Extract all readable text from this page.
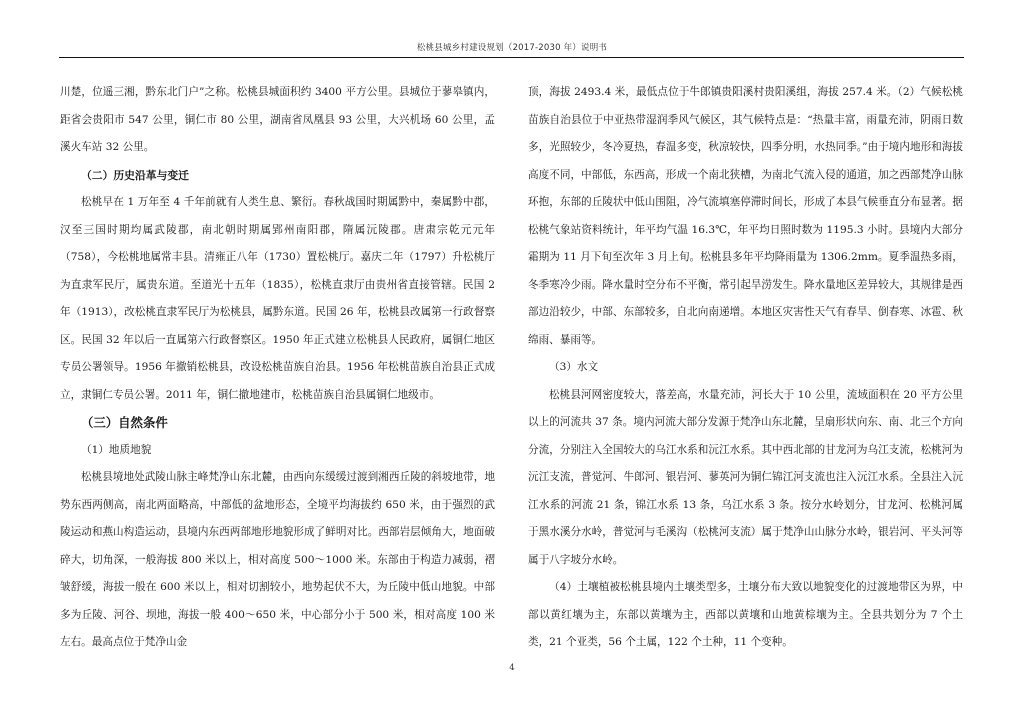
松桃县城乡村建设规划（2017-2030 年）说明书

川楚，位遥三湘，黔东北门户”之称。松桃县城面积约 3400 平方公里。县城位于蓼皋镇内，距省会贵阳市 547 公里，铜仁市 80 公里，湖南省凤凰县 93 公里，大兴机场 60 公里，孟溪火车站 32 公里。

（二）历史沿革与变迁

松桃早在 1 万年至 4 千年前就有人类生息、繁衍。春秋战国时期属黔中，秦属黔中郡，汉至三国时期均属武陵郡，南北朝时期属郢州南阳郡，隋属沅陵郡。唐肃宗乾元元年（758），今松桃地属常丰县。清雍正八年（1730）置松桃厅。嘉庆二年（1797）升松桃厅为直隶军民厅，属贵东道。至道光十五年（1835），松桃直隶厅由贵州省直接管辖。民国 2 年（1913），改松桃直隶军民厅为松桃县，属黔东道。民国 26 年，松桃县改属第一行政督察区。民国 32 年以后一直属第六行政督察区。1950 年正式建立松桃县人民政府，属铜仁地区专员公署领导。1956 年撤销松桃县，改设松桃苗族自治县。1956 年松桃苗族自治县正式成立，隶铜仁专员公署。2011 年，铜仁撤地建市，松桃苗族自治县属铜仁地级市。

（三）自然条件

（1）地质地貌

松桃县境地处武陵山脉主峰梵净山东北麓，由西向东缓缓过渡到湘西丘陵的斜坡地带，地势东西两侧高，南北两面略高，中部低的盆地形态，全境平均海拔约 650 米，由于强烈的武陵运动和燕山构造运动，县境内东西两部地形地貌形成了鲜明对比。西部岩层倾角大，地面破碎大，切角深，一般海拔 800 米以上，相对高度 500～1000 米。东部由于构造力减弱，褶皱舒缓，海拔一般在 600 米以上，相对切割较小，地势起伏不大，为丘陵中低山地貌。中部多为丘陵、河谷、坝地，海拔一般 400～650 米，中心部分小于 500 米，相对高度 100 米左右。最高点位于梵净山金

顶，海拔 2493.4 米，最低点位于牛郎镇贵阳溪村贵阳溪组，海拔 257.4 米。（2）气候松桃苗族自治县位于中亚热带湿润季风气候区，其气候特点是：“热量丰富，雨量充沛，阴雨日数多，光照较少，冬冷夏热，春温多变，秋凉较快，四季分明，水热同季。”由于境内地形和海拔高度不同，中部低，东西高，形成一个南北狭槽，为南北气流入侵的通道，加之西部梵净山脉环抱，东部的丘陵状中低山围阻，冷气流填塞停滞时间长，形成了本县气候垂直分布显著。据松桃气象站资料统计，年平均气温 16.3℃，年平均日照时数为 1195.3 小时。县境内大部分霜期为 11 月下旬至次年 3 月上旬。松桃县多年平均降雨量为 1306.2mm。夏季温热多雨，冬季寒冷少雨。降水量时空分布不平衡，常引起旱涝发生。降水量地区差异较大，其规律是西部边沿较少，中部、东部较多，自北向南递增。本地区灾害性天气有春旱、倒春寒、冰雹、秋绵雨、暴雨等。

（3）水文

松桃县河网密度较大，落差高，水量充沛，河长大于 10 公里，流域面积在 20 平方公里以上的河流共 37 条。境内河流大部分发源于梵净山东北麓，呈扇形状向东、南、北三个方向分流，分别注入全国较大的乌江水系和沅江水系。其中西北部的甘龙河为乌江支流，松桃河为沅江支流，普觉河、牛郎河、银岩河、蓼英河为铜仁锦江河支流也注入沅江水系。全县注入沅江水系的河流 21 条，锦江水系 13 条，乌江水系 3 条。按分水岭划分，甘龙河、松桃河属于黑水溪分水岭，普觉河与毛溪沟（松桃河支流）属于梵净山山脉分水岭，银岩河、平头河等属于八字坡分水岭。

（4）土壤植被松桃县境内土壤类型多，土壤分布大致以地貌变化的过渡地带区为界，中部以黄红壤为主，东部以黄壤为主，西部以黄壤和山地黄棕壤为主。全县共划分为 7 个土类，21 个亚类，56 个土属，122 个土种，11 个变种。

4
